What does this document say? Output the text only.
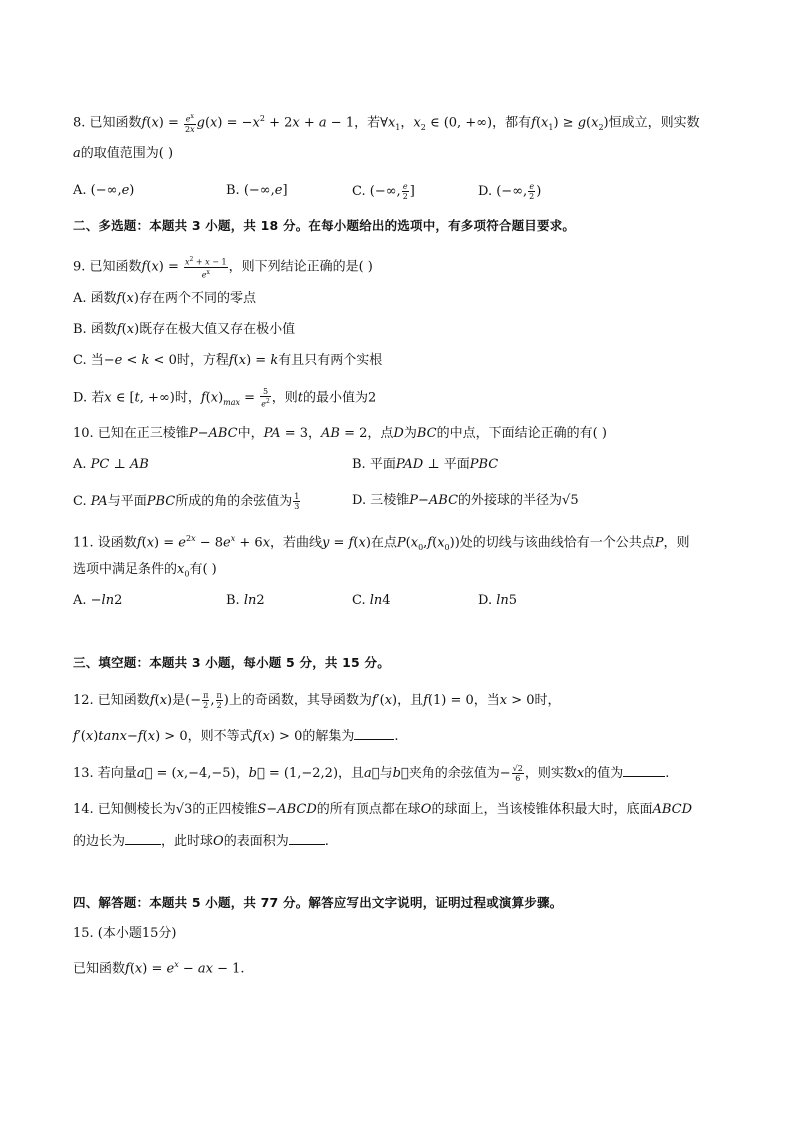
8. 已知函数$f(x) = \frac{e^x}{2x} g(x) = -x^2 + 2x + a - 1$，若$\forall x_1$，$x_2$ ∈ (0, +∞)，都有$f(x_1) \ge g(x_2)$恒成立，则实数
a的取值范围为( )
A. (−∞,e)	B. (−∞,e]	C. (−∞, $\frac{e}{2}$ ]	D. (−∞, $\frac{e}{2}$ )
二、多选题：本题共 3 小题，共 18 分。在每小题给出的选项中，有多项符合题目要求。
9. 已知函数$f(x) = \frac{x^2 + x - 1}{e^x}$ ，则下列结论正确的是( )
A. 函数f(x)存在两个不同的零点
B. 函数f(x)既存在极大值又存在极小值
C. 当−e < k < 0时，方程f(x) = k有且只有两个实根
D. 若x ∈ [t, +∞)时，$f(x)_{max} = \frac{5}{e^2}$ ，则t的最小值为2
10. 已知在正三棱锥P−ABC中，PA = 3，AB = 2，点D为BC的中点，下面结论正确的有( )
A. PC ⊥ AB	B. 平面PAD ⊥ 平面PBC
C. PA与平面PBC所成的角的余弦值为 $\frac{1}{3}$	D. 三棱锥P−ABC的外接球的半径为√5
11. 设函数$f(x) = e^{2x} - 8e^x + 6x$，若曲线y = f(x)在点$P(x_0,f(x_0))$处的切线与该曲线恰有一个公共点P，则
选项中满足条件的$x_0$有( )
A. −ln2	B. ln2	C. ln4	D. ln5
三、填空题：本题共 3 小题，每小题 5 分，共 15 分。
12. 已知函数f(x)是(− $\frac{\pi}{2}$ , $\frac{\pi}{2}$ )上的奇函数，其导函数为f′(x)，且f(1) = 0，当x > 0时，
f′(x)tanx−f(x) > 0，则不等式f(x) > 0的解集为	.
13. 若向量a⃗ = (x,−4,−5)，b⃗ = (1,−2,2)，且a⃗与b⃗夹角的余弦值为− $\frac{√2}{6}$ ，则实数x的值为	.
14. 已知侧棱长为√3的正四棱锥S−ABCD的所有顶点都在球O的球面上，当该棱锥体积最大时，底面ABCD
的边长为	，此时球O的表面积为	.
四、解答题：本题共 5 小题，共 77 分。解答应写出文字说明，证明过程或演算步骤。
15. (本小题15分)
已知函数$f(x) = e^x$ − ax − 1.
